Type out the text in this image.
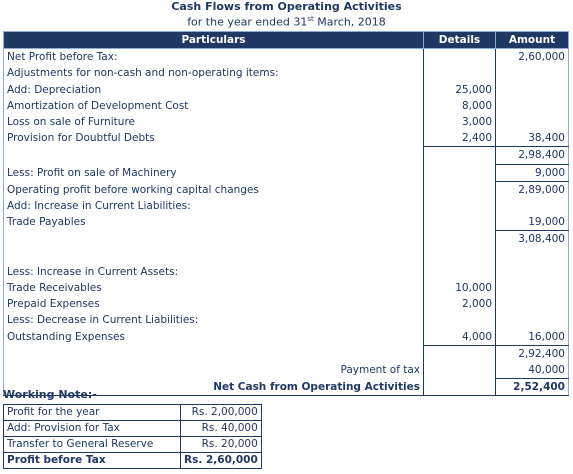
Cash Flows from Operating Activities
for the year ended 31st March, 2018
Particulars	Details	Amount
Net Profit before Tax:		2,60,000
Adjustments for non-cash and non-operating items:		
Add: Depreciation	25,000	
Amortization of Development Cost	8,000	
Loss on sale of Furniture	3,000	
Provision for Doubtful Debts	2,400	38,400
		2,98,400
Less: Profit on sale of Machinery		9,000
Operating profit before working capital changes		2,89,000
Add: Increase in Current Liabilities:		
Trade Payables		19,000
		3,08,400

Less: Increase in Current Assets:		
Trade Receivables	10,000	
Prepaid Expenses	2,000	
Less: Decrease in Current Liabilities:		
Outstanding Expenses	4,000	16,000
		2,92,400
Payment of tax		40,000
Net Cash from Operating Activities		2,52,400
Working Note:-
Profit for the year	Rs. 2,00,000
Add: Provision for Tax	Rs. 40,000
Transfer to General Reserve	Rs. 20,000
Profit before Tax	Rs. 2,60,000
